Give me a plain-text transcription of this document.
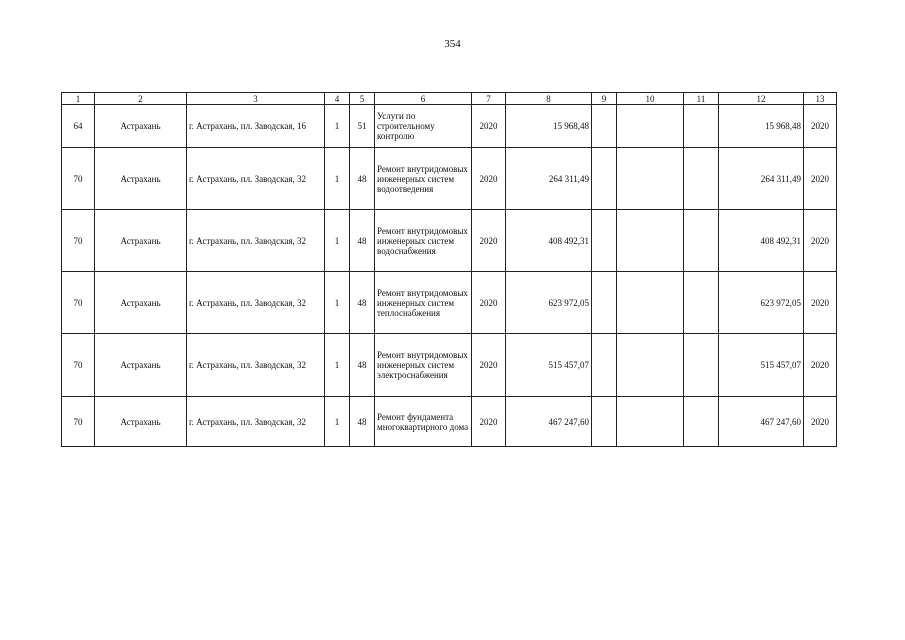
354
1	2	3	4	5	6	7	8	9	10	11	12	13
64	Астрахань	г. Астрахань, пл. Заводская, 16	1	51	Услуги по строительному контролю	2020	15 968,48				15 968,48	2020
70	Астрахань	г. Астрахань, пл. Заводская, 32	1	48	Ремонт внутридомовых инженерных систем водоотведения	2020	264 311,49				264 311,49	2020
70	Астрахань	г. Астрахань, пл. Заводская, 32	1	48	Ремонт внутридомовых инженерных систем водоснабжения	2020	408 492,31				408 492,31	2020
70	Астрахань	г. Астрахань, пл. Заводская, 32	1	48	Ремонт внутридомовых инженерных систем теплоснабжения	2020	623 972,05				623 972,05	2020
70	Астрахань	г. Астрахань, пл. Заводская, 32	1	48	Ремонт внутридомовых инженерных систем электроснабжения	2020	515 457,07				515 457,07	2020
70	Астрахань	г. Астрахань, пл. Заводская, 32	1	48	Ремонт фундамента многоквартирного дома	2020	467 247,60				467 247,60	2020
